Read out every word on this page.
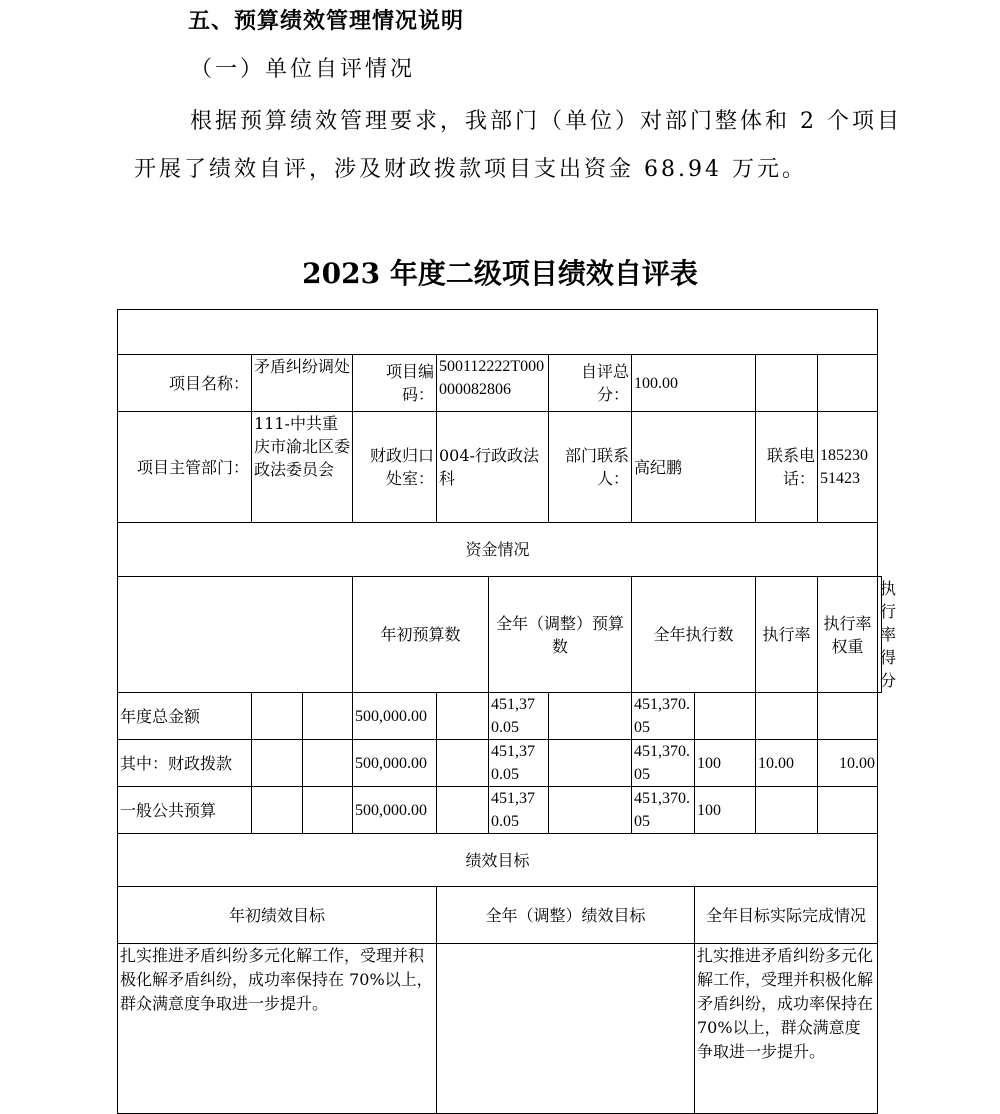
五、预算绩效管理情况说明
（一）单位自评情况
根据预算绩效管理要求，我部门（单位）对部门整体和 2 个项目开展了绩效自评，涉及财政拨款项目支出资金 68.94 万元。
2023 年度二级项目绩效自评表

项目名称：	矛盾纠纷调处		项目编码：	500112222T000000082806		自评总分：	100.00				
项目主管部门：	111-中共重庆市渝北区委政法委员会		财政归口处室：	004-行政政法科		部门联系人：	高纪鹏		联系电话：	18523051423	
资金情况											
			年初预算数		全年（调整）预算数		全年执行数		执行率	执行率权重	执行率得分
年度总金额			500,000.00		451,370.05		451,370.05				
其中：财政拨款			500,000.00		451,370.05		451,370.05	100	10.00	10.00	
一般公共预算			500,000.00		451,370.05		451,370.05	100			
绩效目标											
年初绩效目标				全年（调整）绩效目标				全年目标实际完成情况			
扎实推进矛盾纠纷多元化解工作，受理并积极化解矛盾纠纷，成功率保持在 70%以上，群众满意度争取进一步提升。								扎实推进矛盾纠纷多元化解工作，受理并积极化解矛盾纠纷，成功率保持在 70%以上，群众满意度争取进一步提升。			
